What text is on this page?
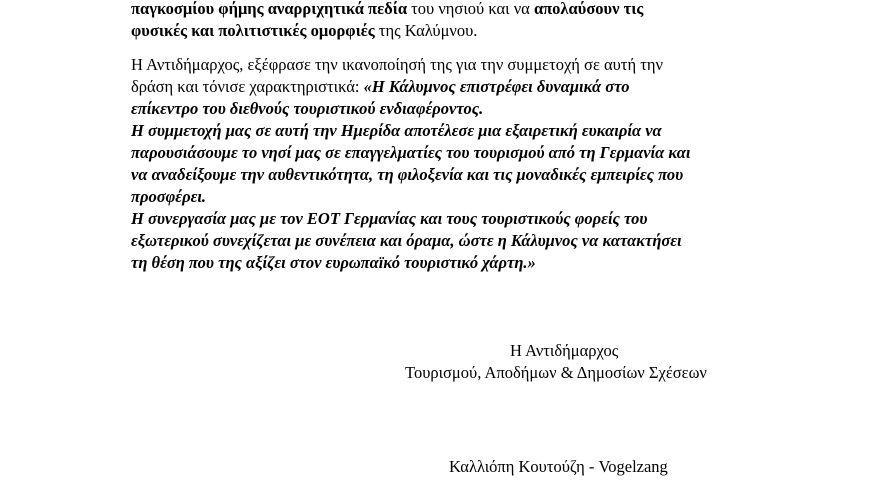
παγκοσμίου φήμης αναρριχητικά πεδία του νησιού και να απολαύσουν τις
φυσικές και πολιτιστικές ομορφιές της Καλύμνου.

Η Αντιδήμαρχος, εξέφρασε την ικανοποίησή της για την συμμετοχή σε αυτή την
δράση και τόνισε χαρακτηριστικά: «Η Κάλυμνος επιστρέφει δυναμικά στο
επίκεντρο του διεθνούς τουριστικού ενδιαφέροντος.
Η συμμετοχή μας σε αυτή την Ημερίδα αποτέλεσε μια εξαιρετική ευκαιρία να
παρουσιάσουμε το νησί μας σε επαγγελματίες του τουρισμού από τη Γερμανία και
να αναδείξουμε την αυθεντικότητα, τη φιλοξενία και τις μοναδικές εμπειρίες που
προσφέρει.
Η συνεργασία μας με τον ΕΟΤ Γερμανίας και τους τουριστικούς φορείς του
εξωτερικού συνεχίζεται με συνέπεια και όραμα, ώστε η Κάλυμνος να κατακτήσει
τη θέση που της αξίζει στον ευρωπαϊκό τουριστικό χάρτη.»

Η Αντιδήμαρχος
Τουρισμού, Αποδήμων & Δημοσίων Σχέσεων
Καλλιόπη Κουτούζη - Vogelzang
